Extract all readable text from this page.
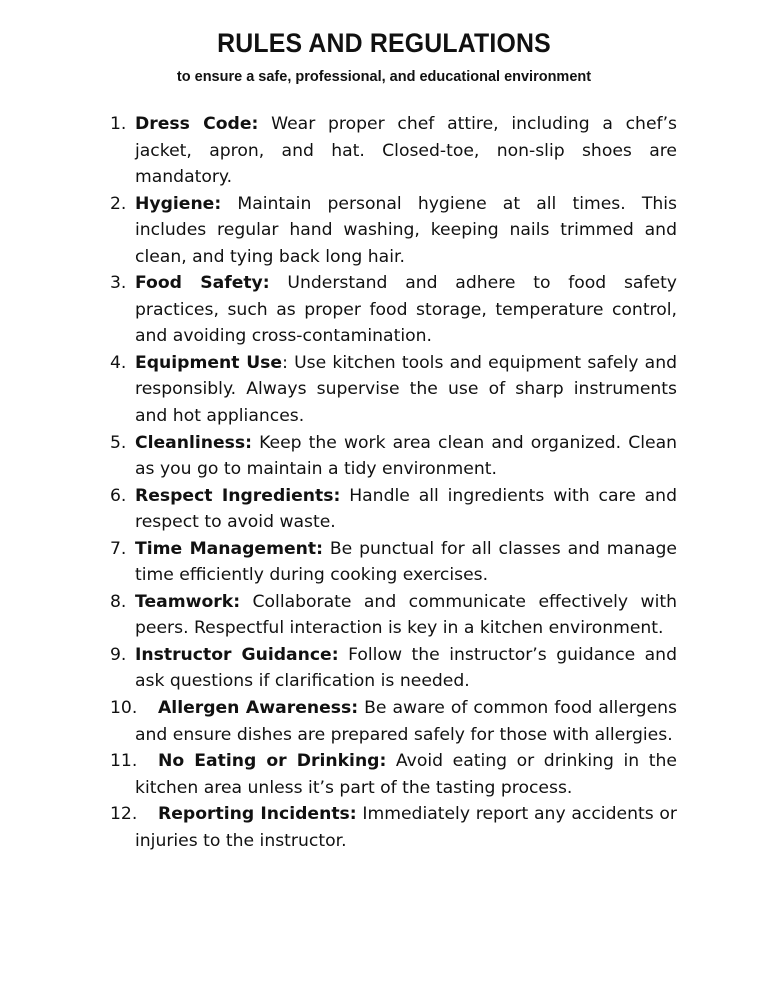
RULES AND REGULATIONS
to ensure a safe, professional, and educational environment
1. Dress Code: Wear proper chef attire, including a chef’s jacket, apron, and hat. Closed-toe, non-slip shoes are mandatory.
2. Hygiene: Maintain personal hygiene at all times. This includes regular hand washing, keeping nails trimmed and clean, and tying back long hair.
3. Food Safety: Understand and adhere to food safety practices, such as proper food storage, temperature control, and avoiding cross-contamination.
4. Equipment Use: Use kitchen tools and equipment safely and responsibly. Always supervise the use of sharp instruments and hot appliances.
5. Cleanliness: Keep the work area clean and organized. Clean as you go to maintain a tidy environment.
6. Respect Ingredients: Handle all ingredients with care and respect to avoid waste.
7. Time Management: Be punctual for all classes and manage time efficiently during cooking exercises.
8. Teamwork: Collaborate and communicate effectively with peers. Respectful interaction is key in a kitchen environment.
9. Instructor Guidance: Follow the instructor’s guidance and ask questions if clarification is needed.
10. Allergen Awareness: Be aware of common food allergens and ensure dishes are prepared safely for those with allergies.
11. No Eating or Drinking: Avoid eating or drinking in the kitchen area unless it’s part of the tasting process.
12. Reporting Incidents: Immediately report any accidents or injuries to the instructor.
